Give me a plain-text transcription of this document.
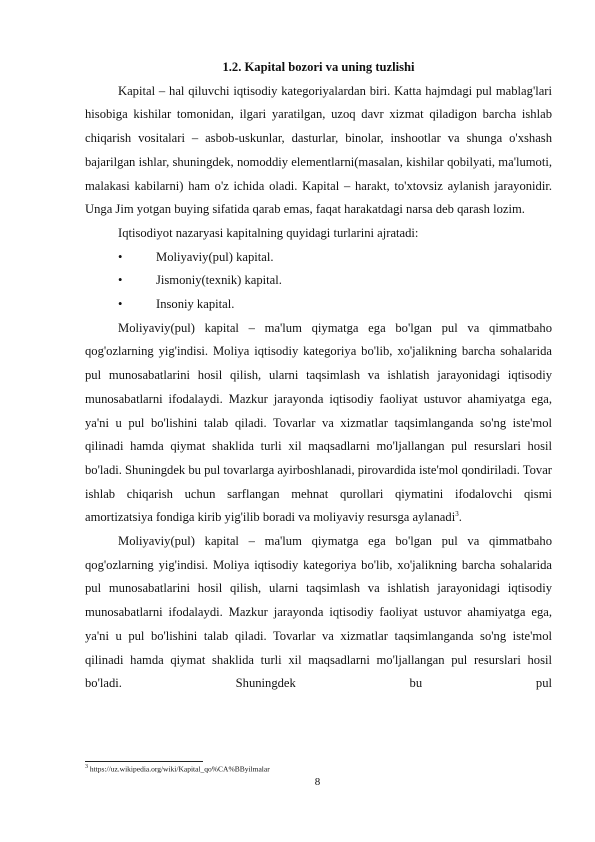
1.2. Kapital bozori va uning tuzlishi

Kapital – hal qiluvchi iqtisodiy kategoriyalardan biri. Katta hajmdagi pul mablag'lari hisobiga kishilar tomonidan, ilgari yaratilgan, uzoq davr xizmat qiladigon barcha ishlab chiqarish vositalari – asbob-uskunlar, dasturlar, binolar, inshootlar va shunga o'xshash bajarilgan ishlar, shuningdek, nomoddiy elementlarni(masalan, kishilar qobilyati, ma'lumoti, malakasi kabilarni) ham o'z ichida oladi. Kapital – harakt, to'xtovsiz aylanish jarayonidir. Unga Jim yotgan buying sifatida qarab emas, faqat harakatdagi narsa deb qarash lozim.

Iqtisodiyot nazaryasi kapitalning quyidagi turlarini ajratadi:

•	Moliyaviy(pul) kapital.
•	Jismoniy(texnik) kapital.
•	Insoniy kapital.

Moliyaviy(pul) kapital – ma'lum qiymatga ega bo'lgan pul va qimmatbaho qog'ozlarning yig'indisi. Moliya iqtisodiy kategoriya bo'lib, xo'jalikning barcha sohalarida pul munosabatlarini hosil qilish, ularni taqsimlash va ishlatish jarayonidagi iqtisodiy munosabatlarni ifodalaydi. Mazkur jarayonda iqtisodiy faoliyat ustuvor ahamiyatga ega, ya'ni u pul bo'lishini talab qiladi. Tovarlar va xizmatlar taqsimlanganda so'ng iste'mol qilinadi hamda qiymat shaklida turli xil maqsadlarni mo'ljallangan pul resurslari hosil bo'ladi. Shuningdek bu pul tovarlarga ayirboshlanadi, pirovardida iste'mol qondiriladi. Tovar ishlab chiqarish uchun sarflangan mehnat qurollari qiymatini ifodalovchi qismi amortizatsiya fondiga kirib yig'ilib boradi va moliyaviy resursga aylanadi$^3$.

Moliyaviy(pul) kapital – ma'lum qiymatga ega bo'lgan pul va qimmatbaho qog'ozlarning yig'indisi. Moliya iqtisodiy kategoriya bo'lib, xo'jalikning barcha sohalarida pul munosabatlarini hosil qilish, ularni taqsimlash va ishlatish jarayonidagi iqtisodiy munosabatlarni ifodalaydi. Mazkur jarayonda iqtisodiy faoliyat ustuvor ahamiyatga ega, ya'ni u pul bo'lishini talab qiladi. Tovarlar va xizmatlar taqsimlanganda so'ng iste'mol qilinadi hamda qiymat shaklida turli xil maqsadlarni mo'ljallangan pul resurslari hosil bo'ladi. Shuningdek bu pul

$^3$ https://uz.wikipedia.org/wiki/Kapital_qo%CA%BByilmalar
8
